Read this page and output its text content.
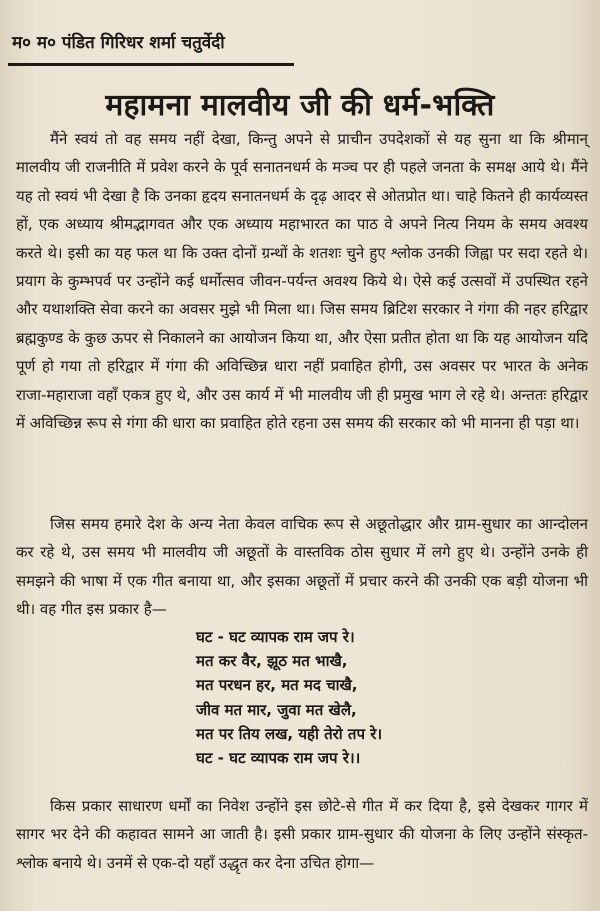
म० म० पंडित गिरिधर शर्मा चतुर्वेदी
महामना मालवीय जी की धर्म-भक्ति
मैंने स्वयं तो वह समय नहीं देखा, किन्तु अपने से प्राचीन उपदेशकों से यह सुना था कि श्रीमान् मालवीय जी राजनीति में प्रवेश करने के पूर्व सनातनधर्म के मञ्च पर ही पहले जनता के समक्ष आये थे। मैंने यह तो स्वयं भी देखा है कि उनका हृदय सनातनधर्म के दृढ़ आदर से ओतप्रोत था। चाहे कितने ही कार्यव्यस्त हों, एक अध्याय श्रीमद्भागवत और एक अध्याय महाभारत का पाठ वे अपने नित्य नियम के समय अवश्य करते थे। इसी का यह फल था कि उक्त दोनों ग्रन्थों के शतशः चुने हुए श्लोक उनकी जिह्वा पर सदा रहते थे। प्रयाग के कुम्भपर्व पर उन्होंने कई धर्मोत्सव जीवन-पर्यन्त अवश्य किये थे। ऐसे कई उत्सवों में उपस्थित रहने और यथाशक्ति सेवा करने का अवसर मुझे भी मिला था। जिस समय ब्रिटिश सरकार ने गंगा की नहर हरिद्वार ब्रह्मकुण्ड के कुछ ऊपर से निकालने का आयोजन किया था, और ऐसा प्रतीत होता था कि यह आयोजन यदि पूर्ण हो गया तो हरिद्वार में गंगा की अविच्छिन्न धारा नहीं प्रवाहित होगी, उस अवसर पर भारत के अनेक राजा-महाराजा वहाँ एकत्र हुए थे, और उस कार्य में भी मालवीय जी ही प्रमुख भाग ले रहे थे। अन्ततः हरिद्वार में अविच्छिन्न रूप से गंगा की धारा का प्रवाहित होते रहना उस समय की सरकार को भी मानना ही पड़ा था।
जिस समय हमारे देश के अन्य नेता केवल वाचिक रूप से अछूतोद्धार और ग्राम-सुधार का आन्दोलन कर रहे थे, उस समय भी मालवीय जी अछूतों के वास्तविक ठोस सुधार में लगे हुए थे। उन्होंने उनके ही समझने की भाषा में एक गीत बनाया था, और इसका अछूतों में प्रचार करने की उनकी एक बड़ी योजना भी थी। वह गीत इस प्रकार है—
घट - घट व्यापक राम जप रे।
मत कर वैर, झूठ मत भाखै,
मत परधन हर, मत मद चाखै,
जीव मत मार, जुवा मत खेलै,
मत पर तिय लख, यही तेरो तप रे।
घट - घट व्यापक राम जप रे।।
किस प्रकार साधारण धर्मों का निवेश उन्होंने इस छोटे-से गीत में कर दिया है, इसे देखकर गागर में सागर भर देने की कहावत सामने आ जाती है। इसी प्रकार ग्राम-सुधार की योजना के लिए उन्होंने संस्कृत-श्लोक बनाये थे। उनमें से एक-दो यहाँ उद्धृत कर देना उचित होगा—
